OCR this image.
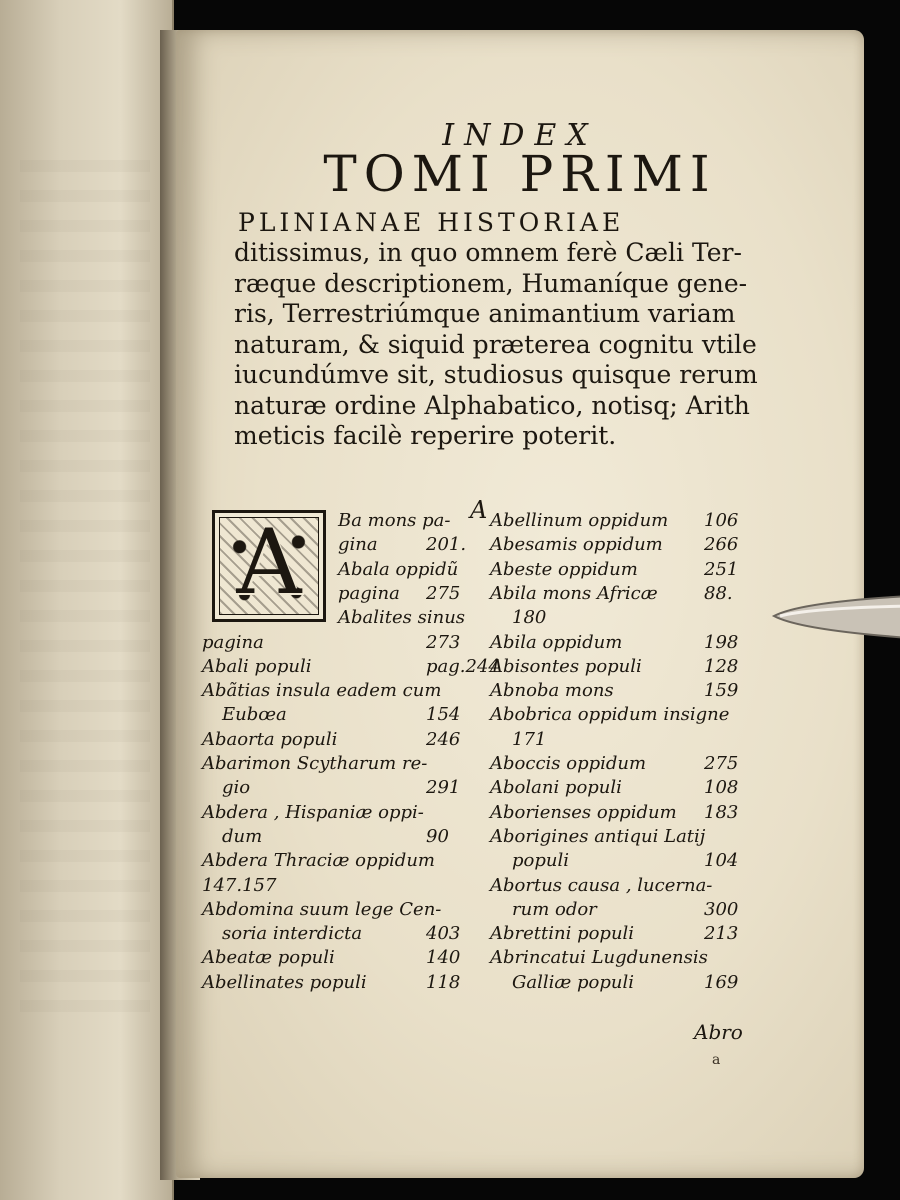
INDEX
TOMI PRIMI
PLINIANAE HISTORIAE
ditissimus, in quo omnem ferè Cæli Ter-
ræque descriptionem, Humaníque gene-
ris, Terrestriúmque animantium variam
naturam, & siquid præterea cognitu vtile
iucundúmve sit, studiosus quisque rerum
naturæ ordine Alphabatico, notisq; Arith
meticis facilè reperire poterit.
A
A	Ba mons pa-
gina	201.
Abala oppidũ
pagina 275
Abalites sinus
pagina	273
Abali populi	pag.244
Abãtias insula eadem cum
Eubœa	154
Abaorta populi	246
Abarimon Scytharum re-
gio	291
Abdera , Hispaniæ oppi-
dum	90
Abdera Thraciæ oppidum
147.157
Abdomina suum lege Cen-
soria interdicta	403
Abeatæ populi	140
Abellinates populi	118
Abellinum oppidum 106
Abesamis oppidum 266
Abeste oppidum	251
Abila mons Africæ	88.
180
Abila oppidum	198
Abisontes populi	128
Abnoba mons	159
Abobrica oppidum insigne
171
Aboccis oppidum	275
Abolani populi	108
Aborienses oppidum 183
Aborigines antiqui Latij
populi	104
Abortus causa , lucerna-
rum odor	300
Abrettini populi	213
Abrincatui Lugdunensis
Galliæ populi	169
Abro
a
